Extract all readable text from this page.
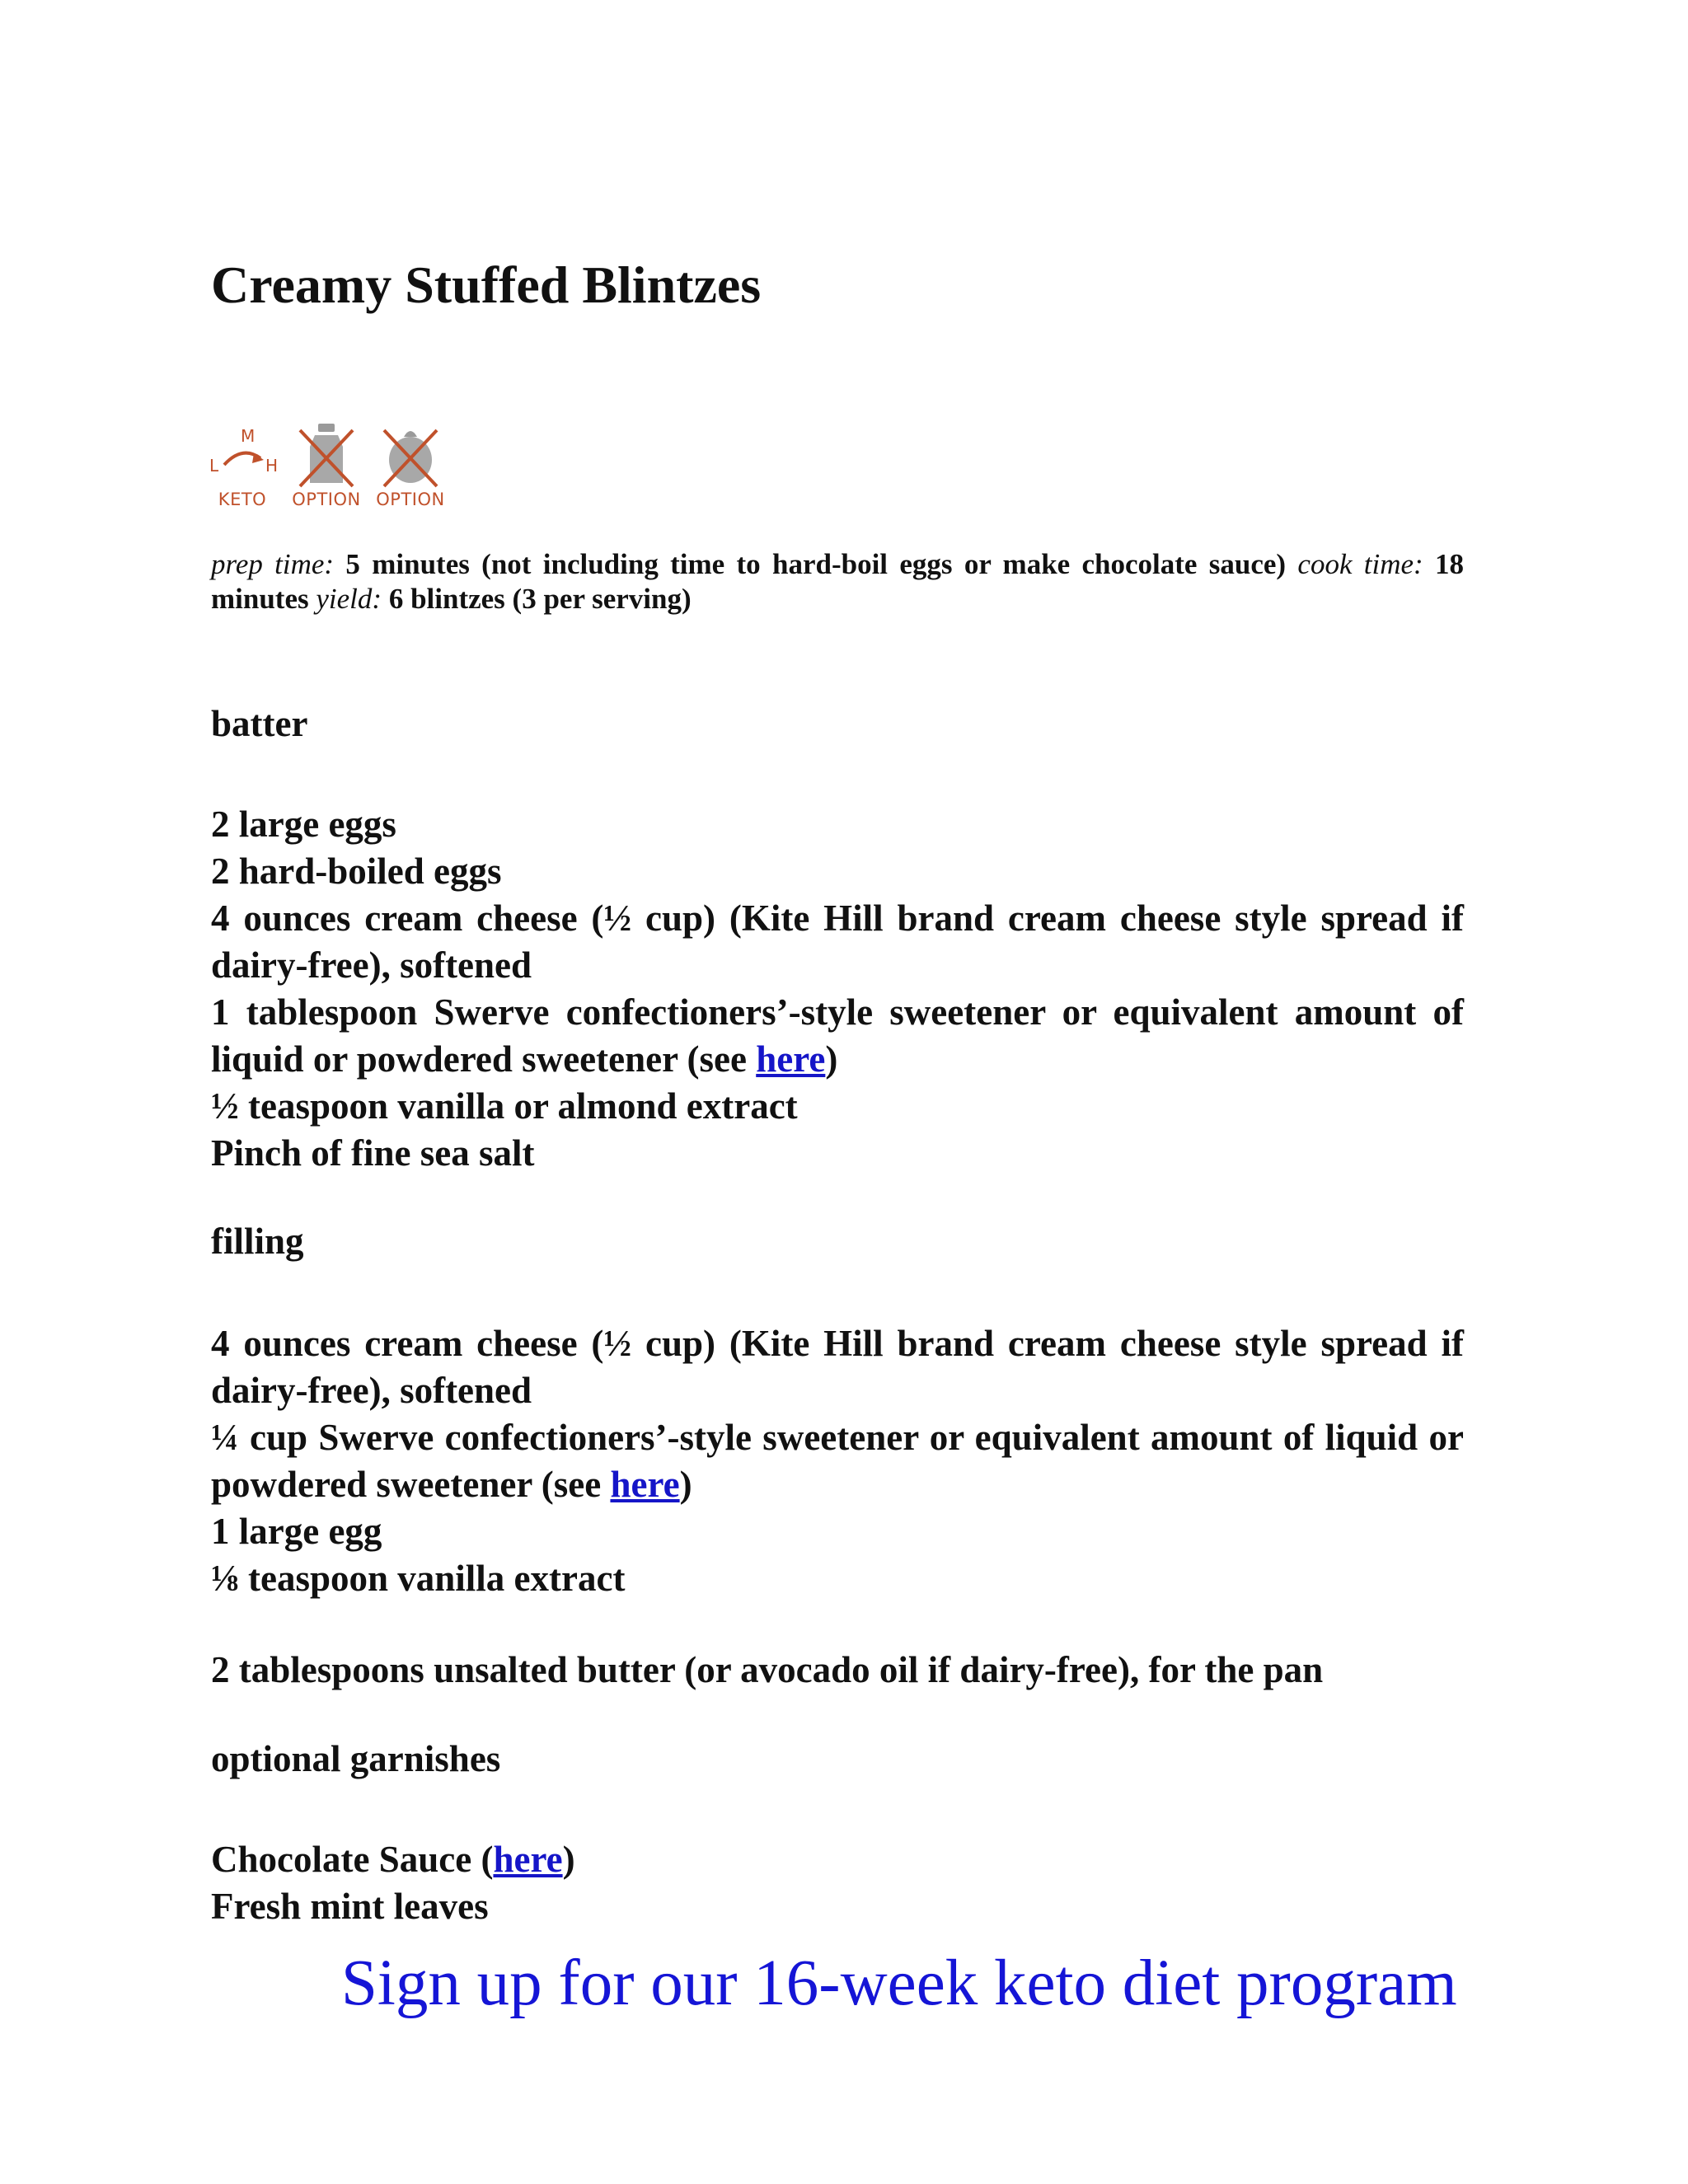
Creamy Stuffed Blintzes
M
L	H
KETO	OPTION OPTION
prep time: 5 minutes (not including time to hard-boil eggs or make chocolate sauce) cook time: 18 minutes yield: 6 blintzes (3 per serving)

batter

2 large eggs

2 hard-boiled eggs

4 ounces cream cheese (½ cup) (Kite Hill brand cream cheese style spread if dairy-free), softened

1 tablespoon Swerve confectioners’-style sweetener or equivalent amount of liquid or powdered sweetener (see here)

½ teaspoon vanilla or almond extract

Pinch of fine sea salt

filling

4 ounces cream cheese (½ cup) (Kite Hill brand cream cheese style spread if dairy-free), softened

¼ cup Swerve confectioners’-style sweetener or equivalent amount of liquid or powdered sweetener (see here)

1 large egg

⅛ teaspoon vanilla extract

2 tablespoons unsalted butter (or avocado oil if dairy-free), for the pan

optional garnishes

Chocolate Sauce (here)

Fresh mint leaves

Sign up for our 16-week keto diet program
